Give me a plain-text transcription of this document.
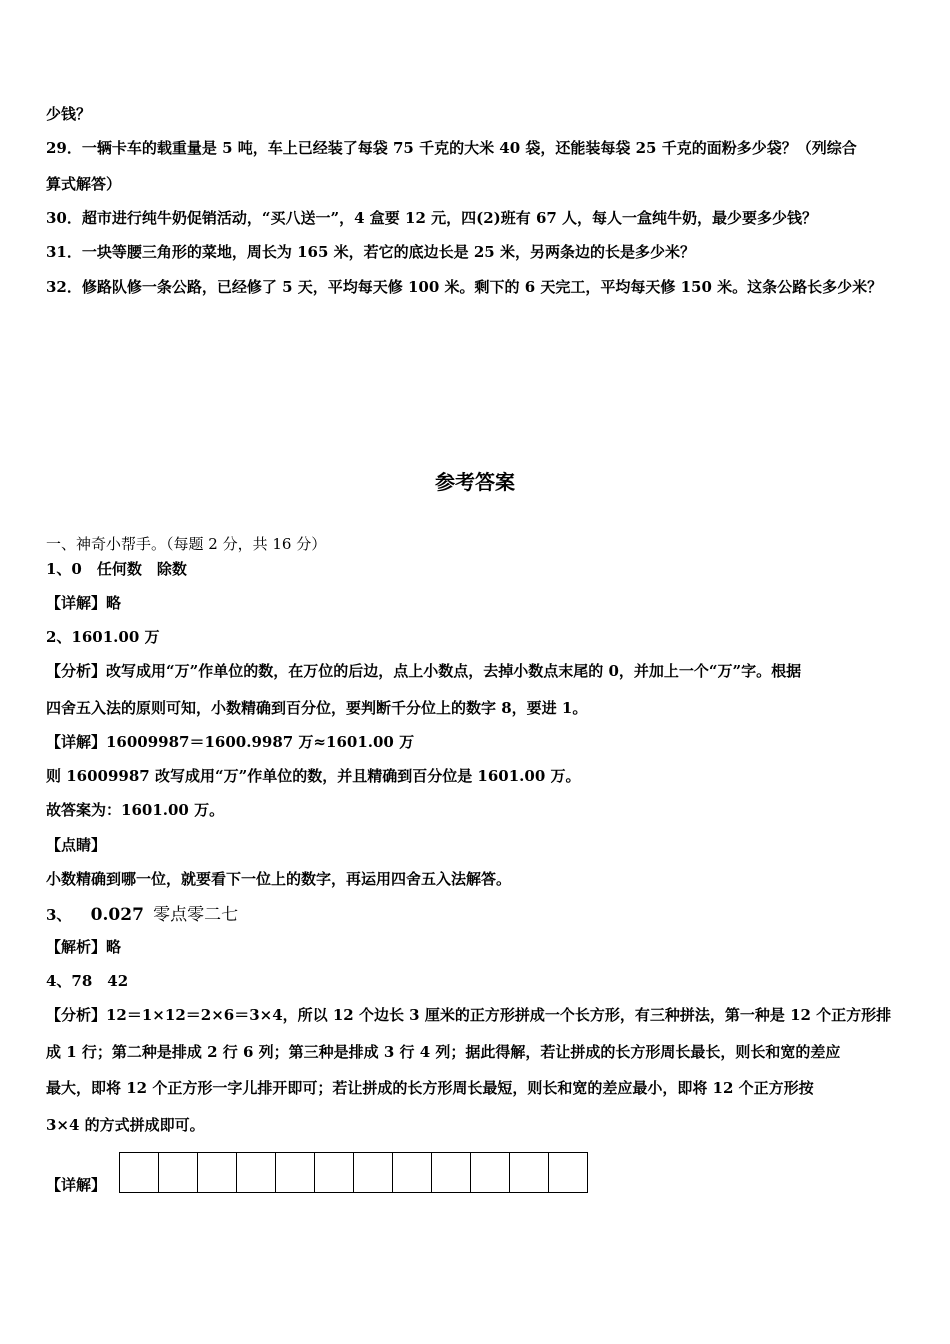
少钱？
29．一辆卡车的载重量是 5 吨，车上已经装了每袋 75 千克的大米 40 袋，还能装每袋 25 千克的面粉多少袋？（列综合
算式解答）
30．超市进行纯牛奶促销活动，“买八送一”，4 盒要 12 元，四(2)班有 67 人，每人一盒纯牛奶，最少要多少钱？
31．一块等腰三角形的菜地，周长为 165 米，若它的底边长是 25 米，另两条边的长是多少米？
32．修路队修一条公路，已经修了 5 天，平均每天修 100 米。剩下的 6 天完工，平均每天修 150 米。这条公路长多少米？
参考答案
一、神奇小帮手。（每题 2 分，共 16 分）
1、0　任何数　除数
【详解】略
2、1601.00 万
【分析】改写成用“万”作单位的数，在万位的后边，点上小数点，去掉小数点末尾的 0，并加上一个“万”字。根据
四舍五入法的原则可知，小数精确到百分位，要判断千分位上的数字 8，要进 1。
【详解】16009987＝1600.9987 万≈1601.00 万
则 16009987 改写成用“万”作单位的数，并且精确到百分位是 1601.00 万。
故答案为：1601.00 万。
【点睛】
小数精确到哪一位，就要看下一位上的数字，再运用四舍五入法解答。
3、 0.027 零点零二七
【解析】略
4、78　42
【分析】12＝1×12＝2×6＝3×4，所以 12 个边长 3 厘米的正方形拼成一个长方形，有三种拼法，第一种是 12 个正方形排
成 1 行；第二种是排成 2 行 6 列；第三种是排成 3 行 4 列；据此得解，若让拼成的长方形周长最长，则长和宽的差应
最大，即将 12 个正方形一字儿排开即可；若让拼成的长方形周长最短，则长和宽的差应最小，即将 12 个正方形按
3×4 的方式拼成即可。
【详解】
